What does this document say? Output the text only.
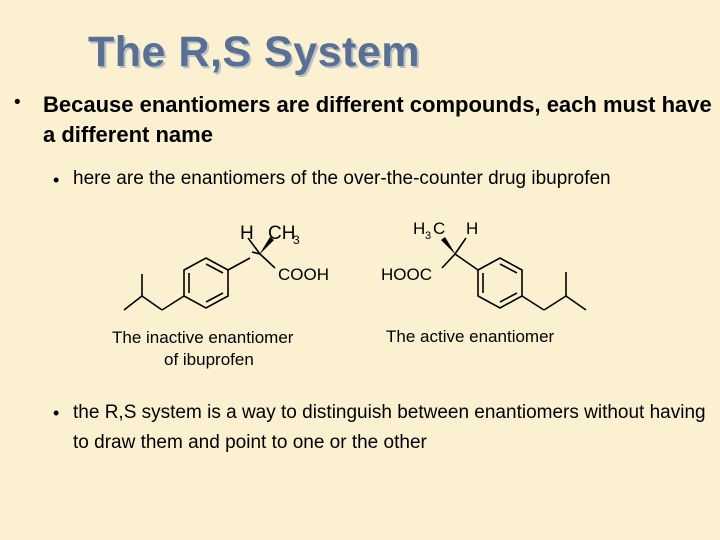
The R,S System
• Because enantiomers are different compounds, each must have a different name
• here are the enantiomers of the over-the-counter drug ibuprofen
H CH
3
COOH
H 3 C H
HOOC
The inactive enantiomer
of ibuprofen
The active enantiomer
• the R,S system is a way to distinguish between enantiomers without having to draw them and point to one or the other
